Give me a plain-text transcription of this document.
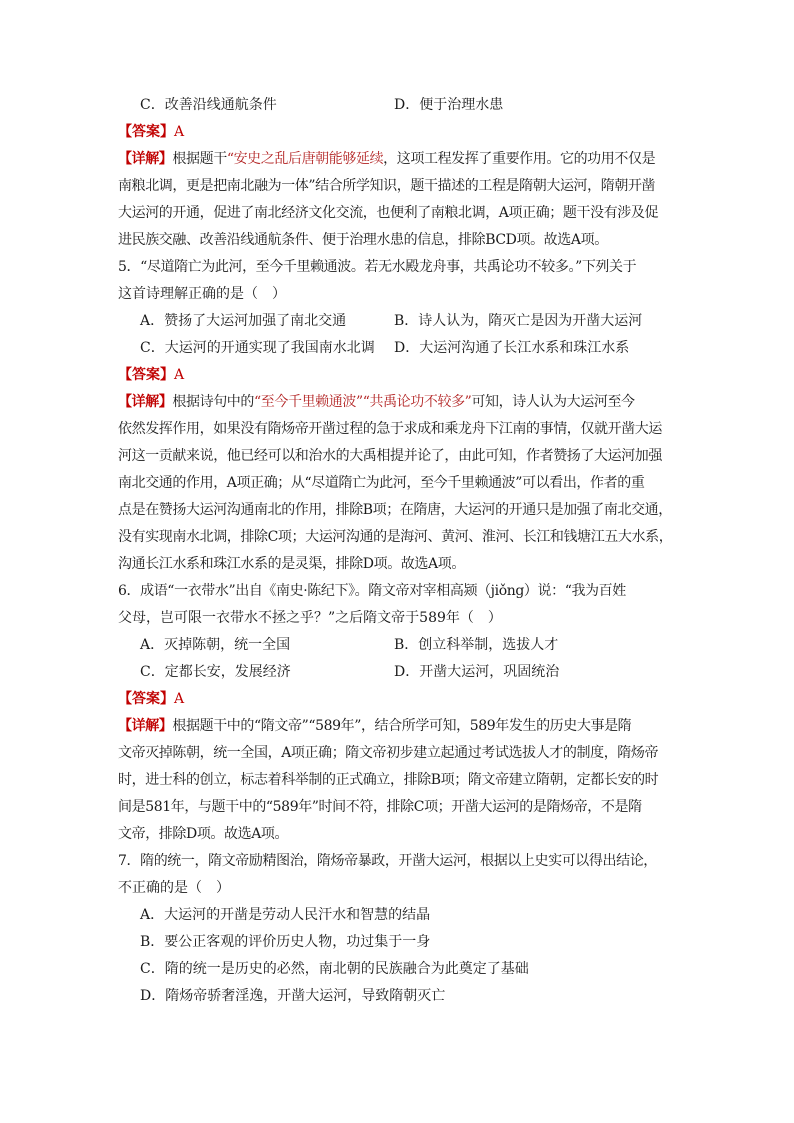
C．改善沿线通航条件	D．便于治理水患
【答案】A
【详解】根据题干“安史之乱后唐朝能够延续，这项工程发挥了重要作用。它的功用不仅是
南粮北调，更是把南北融为一体”结合所学知识，题干描述的工程是隋朝大运河，隋朝开凿
大运河的开通，促进了南北经济文化交流，也便利了南粮北调，A项正确；题干没有涉及促
进民族交融、改善沿线通航条件、便于治理水患的信息，排除BCD项。故选A项。
5．“尽道隋亡为此河，至今千里赖通波。若无水殿龙舟事，共禹论功不较多。”下列关于
这首诗理解正确的是（　）
A．赞扬了大运河加强了南北交通	B．诗人认为，隋灭亡是因为开凿大运河
C．大运河的开通实现了我国南水北调	D．大运河沟通了长江水系和珠江水系
【答案】A
【详解】根据诗句中的“至今千里赖通波”“共禹论功不较多”可知，诗人认为大运河至今
依然发挥作用，如果没有隋炀帝开凿过程的急于求成和乘龙舟下江南的事情，仅就开凿大运
河这一贡献来说，他已经可以和治水的大禹相提并论了，由此可知，作者赞扬了大运河加强
南北交通的作用，A项正确；从“尽道隋亡为此河，至今千里赖通波”可以看出，作者的重
点是在赞扬大运河沟通南北的作用，排除B项；在隋唐，大运河的开通只是加强了南北交通，
没有实现南水北调，排除C项；大运河沟通的是海河、黄河、淮河、长江和钱塘江五大水系，
沟通长江水系和珠江水系的是灵渠，排除D项。故选A项。
6．成语“一衣带水”出自《南史·陈纪下》。隋文帝对宰相高颎（jiǒng）说：“我为百姓
父母，岂可限一衣带水不拯之乎？”之后隋文帝于589年（　）
A．灭掉陈朝，统一全国	B．创立科举制，选拔人才
C．定都长安，发展经济	D．开凿大运河，巩固统治
【答案】A
【详解】根据题干中的“隋文帝”“589年”，结合所学可知，589年发生的历史大事是隋
文帝灭掉陈朝，统一全国，A项正确；隋文帝初步建立起通过考试选拔人才的制度，隋炀帝
时，进士科的创立，标志着科举制的正式确立，排除B项；隋文帝建立隋朝，定都长安的时
间是581年，与题干中的“589年”时间不符，排除C项；开凿大运河的是隋炀帝，不是隋
文帝，排除D项。故选A项。
7．隋的统一，隋文帝励精图治，隋炀帝暴政，开凿大运河，根据以上史实可以得出结论，
不正确的是（　）
A．大运河的开凿是劳动人民汗水和智慧的结晶
B．要公正客观的评价历史人物，功过集于一身
C．隋的统一是历史的必然，南北朝的民族融合为此奠定了基础
D．隋炀帝骄奢淫逸，开凿大运河，导致隋朝灭亡
